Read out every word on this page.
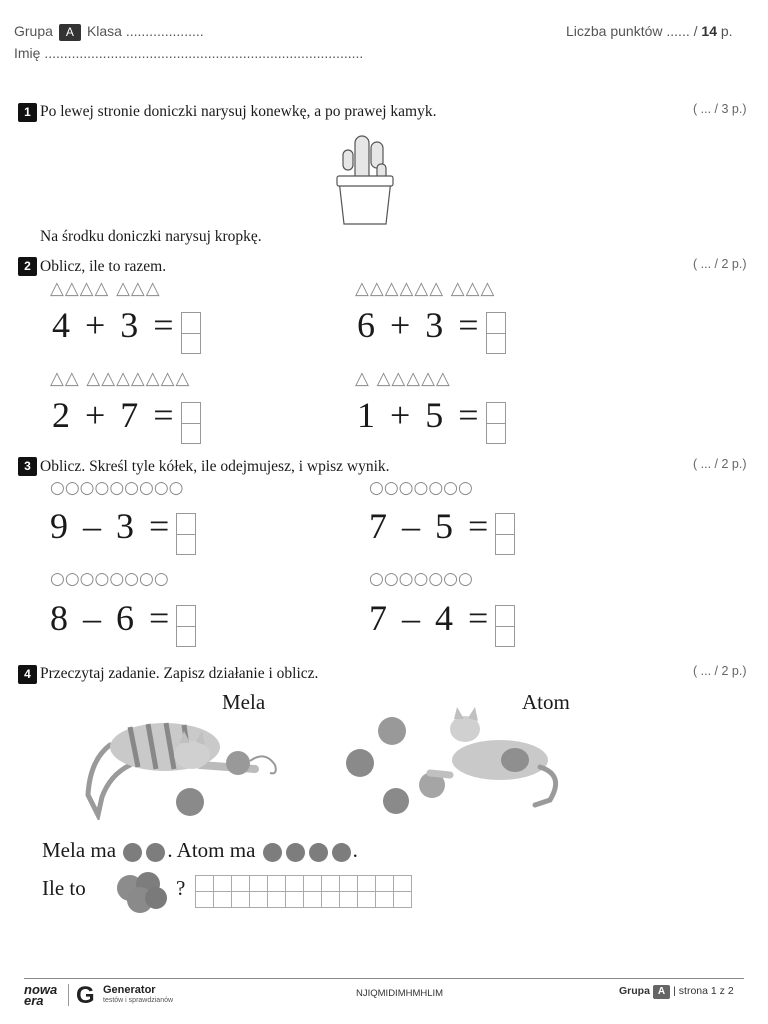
Grupa A Klasa ....................
Imię ..................................................................................
Liczba punktów ...... / 14 p.
1 Po lewej stronie doniczki narysuj konewkę, a po prawej kamyk.	( ... / 3 p.)
Na środku doniczki narysuj kropkę.
2 Oblicz, ile to razem.	( ... / 2 p.)
△△△△ △△△
4 + 3 =
△△△△△△ △△△
6 + 3 =
△△ △△△△△△△
2 + 7 =
△ △△△△△
1 + 5 =
3 Oblicz. Skreśl tyle kółek, ile odejmujesz, i wpisz wynik.	( ... / 2 p.)
○○○○○○○○○
9 – 3 =
○○○○○○○
7 – 5 =
○○○○○○○○
8 – 6 =
○○○○○○○
7 – 4 =
4 Przeczytaj zadanie. Zapisz działanie i oblicz.	( ... / 2 p.)
Mela	Atom
Mela ma . Atom ma	.
Ile to	?

nowa era	G Generator
testów i sprawdzianów
NJIQMIDIMHMHLIM	Grupa A | strona 1 z 2
